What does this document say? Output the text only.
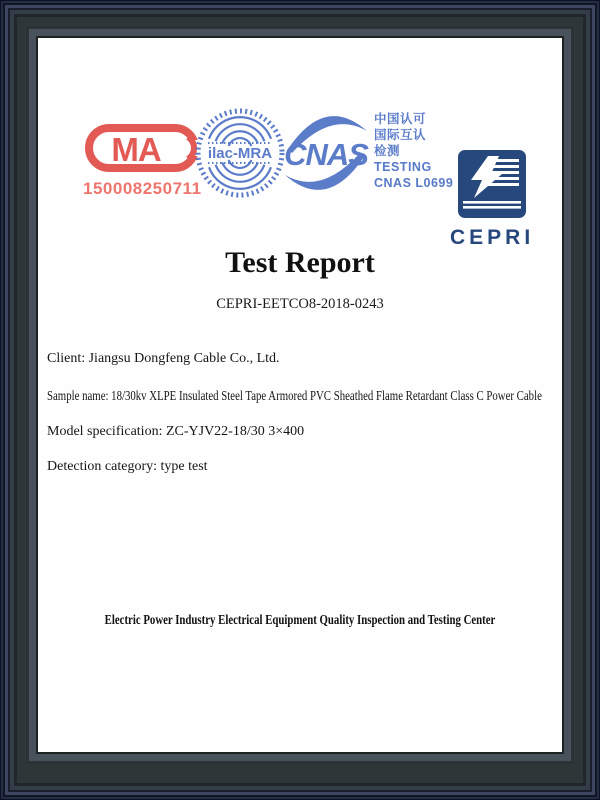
MA
150008250711
ilac-MRA CNAS
中国认可
国际互认
检测
TESTING
CNAS L0699
CEPRI
Test Report
CEPRI-EETCO8-2018-0243
Client: Jiangsu Dongfeng Cable Co., Ltd.
Sample name: 18/30kv XLPE Insulated Steel Tape Armored PVC Sheathed Flame Retardant Class C Power Cable
Model specification: ZC-YJV22-18/30 3×400
Detection category: type test
Electric Power Industry Electrical Equipment Quality Inspection and Testing Center
